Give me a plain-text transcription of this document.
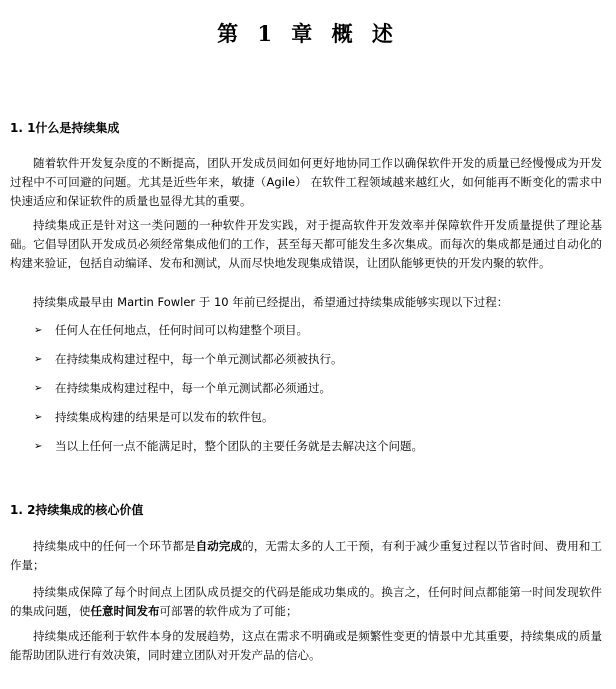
第 1 章 概 述
1. 1什么是持续集成

随着软件开发复杂度的不断提高，团队开发成员间如何更好地协同工作以确保软件开发的质量已经慢慢成为开发过程中不可回避的问题。尤其是近些年来，敏捷（Agile） 在软件工程领域越来越红火，如何能再不断变化的需求中快速适应和保证软件的质量也显得尤其的重要。

持续集成正是针对这一类问题的一种软件开发实践，对于提高软件开发效率并保障软件开发质量提供了理论基础。它倡导团队开发成员必须经常集成他们的工作，甚至每天都可能发生多次集成。而每次的集成都是通过自动化的构建来验证，包括自动编译、发布和测试，从而尽快地发现集成错误，让团队能够更快的开发内聚的软件。

持续集成最早由 Martin Fowler 于 10 年前已经提出，希望通过持续集成能够实现以下过程：

➢ 任何人在任何地点，任何时间可以构建整个项目。
➢ 在持续集成构建过程中，每一个单元测试都必须被执行。
➢ 在持续集成构建过程中，每一个单元测试都必须通过。
➢ 持续集成构建的结果是可以发布的软件包。
➢ 当以上任何一点不能满足时，整个团队的主要任务就是去解决这个问题。
1. 2持续集成的核心价值

持续集成中的任何一个环节都是自动完成的，无需太多的人工干预，有利于减少重复过程以节省时间、费用和工作量；

持续集成保障了每个时间点上团队成员提交的代码是能成功集成的。换言之，任何时间点都能第一时间发现软件的集成问题，使任意时间发布可部署的软件成为了可能；

持续集成还能利于软件本身的发展趋势，这点在需求不明确或是频繁性变更的情景中尤其重要，持续集成的质量能帮助团队进行有效决策，同时建立团队对开发产品的信心。
